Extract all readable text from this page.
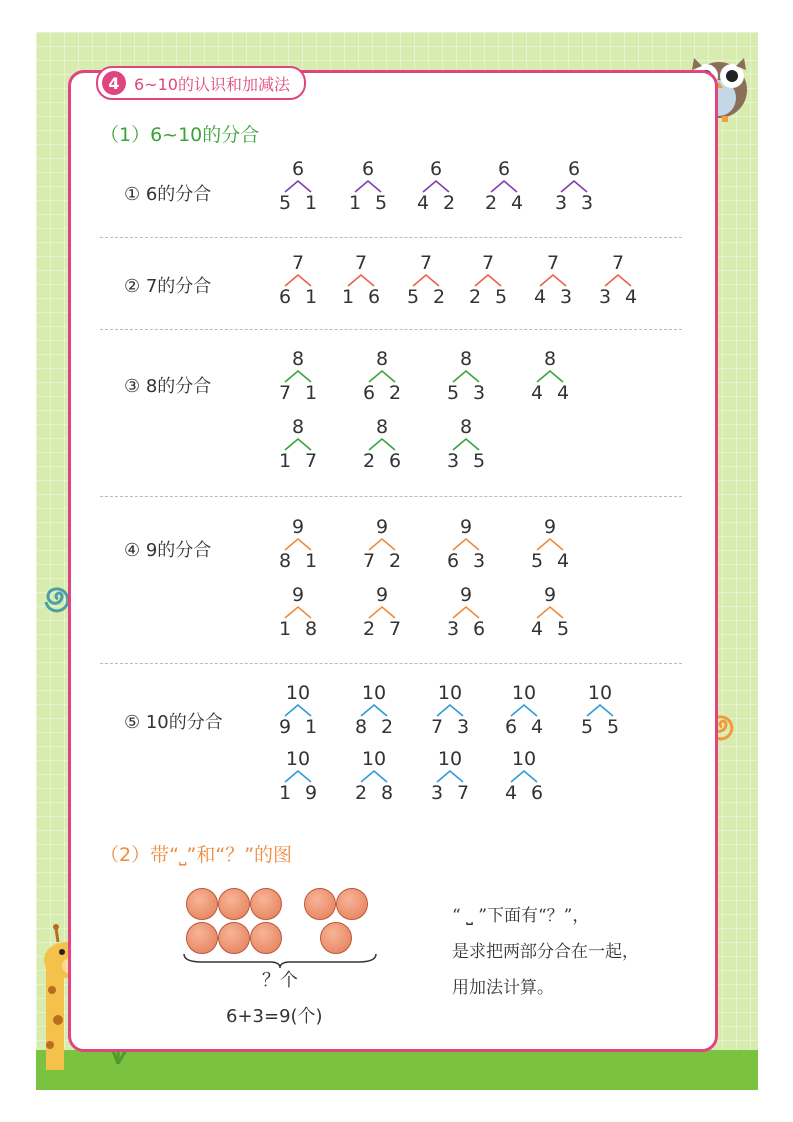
4 6~10的认识和加减法
（1）6~10的分合
① 6的分合
② 7的分合
③ 8的分合
④ 9的分合
⑤ 10的分合
6
5 1
6
1 5
6
4 2
6
2 4
6
3 3
7
6 1
7
1 6
7
5 2
7
2 5
7
4 3
7
3 4
8
7 1
8
6 2
8
5 3
8
4 4
8
1 7
8
2 6
8
3 5
9
8 1
9
7 2
9
6 3
9
5 4
9
1 8
9
2 7
9
3 6
9
4 5
10
9 1
10
8 2
10
7 3
10
6 4
10
5 5
10
1 9
10
2 8
10
3 7
10
4 6
（2）带“⎵”和“？”的图
？个
6+3=9(个)
“ ⎵ ”下面有“？”，
是求把两部分合在一起，
用加法计算。
